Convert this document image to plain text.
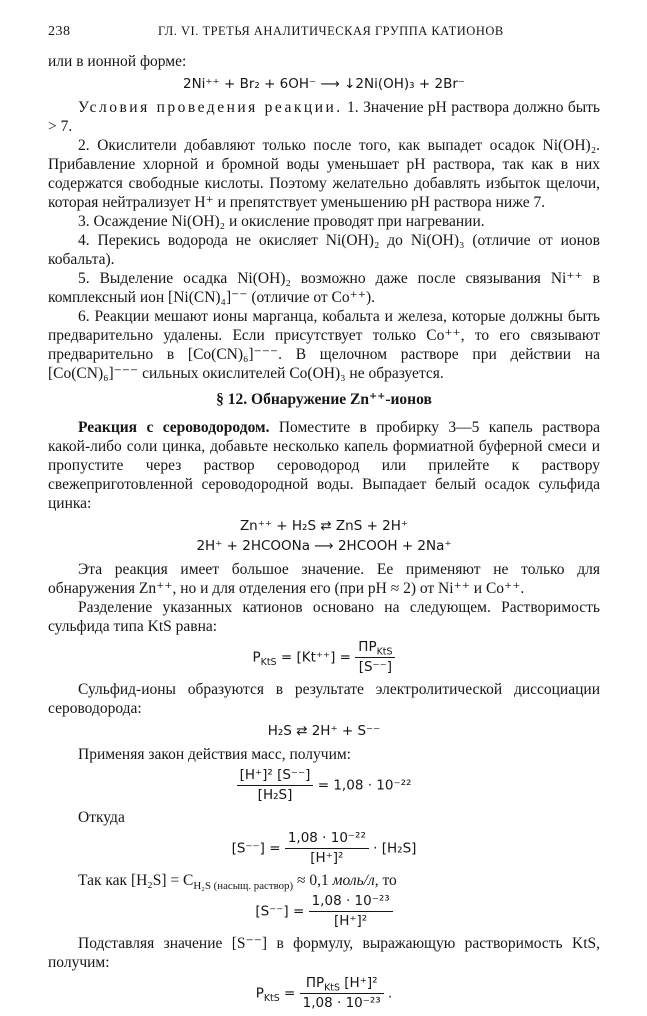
238	ГЛ. VI. ТРЕТЬЯ АНАЛИТИЧЕСКАЯ ГРУППА КАТИОНОВ

или в ионной форме:

2Ni⁺⁺ + Br₂ + 6OH⁻ ⟶ ↓2Ni(OH)₃ + 2Br⁻

Условия проведения реакции. 1. Значение pH раствора должно быть > 7.

2. Окислители добавляют только после того, как выпадет осадок Ni(OH)₂. Прибавление хлорной и бромной воды уменьшает pH раствора, так как в них содержатся свободные кислоты. Поэтому желательно добавлять избыток щелочи, которая нейтрализует H⁺ и препятствует уменьшению pH раствора ниже 7.

3. Осаждение Ni(OH)₂ и окисление проводят при нагревании.

4. Перекись водорода не окисляет Ni(OH)₂ до Ni(OH)₃ (отличие от ионов кобальта).

5. Выделение осадка Ni(OH)₂ возможно даже после связывания Ni⁺⁺ в комплексный ион [Ni(CN)₄]⁻⁻ (отличие от Co⁺⁺).

6. Реакции мешают ионы марганца, кобальта и железа, которые должны быть предварительно удалены. Если присутствует только Co⁺⁺, то его связывают предварительно в [Co(CN)₆]⁻⁻⁻. В щелочном растворе при действии на [Co(CN)₆]⁻⁻⁻ сильных окислителей Co(OH)₃ не образуется.

§ 12. Обнаружение Zn⁺⁺-ионов

Реакция с сероводородом. Поместите в пробирку 3—5 капель раствора какой-либо соли цинка, добавьте несколько капель формиатной буферной смеси и пропустите через раствор сероводород или прилейте к раствору свежеприготовленной сероводородной воды. Выпадает белый осадок сульфида цинка:

Zn⁺⁺ + H₂S ⇄ ZnS + 2H⁺
2H⁺ + 2HCOONa ⟶ 2HCOOH + 2Na⁺

Эта реакция имеет большое значение. Ее применяют не только для обнаружения Zn⁺⁺, но и для отделения его (при pH ≈ 2) от Ni⁺⁺ и Co⁺⁺.

Разделение указанных катионов основано на следующем. Растворимость сульфида типа KtS равна:

$P_{KtS} = [Kt^{++}] = \frac{ПР_{KtS}}{[S^{--}]}$

Сульфид-ионы образуются в результате электролитической диссоциации сероводорода:

H₂S ⇄ 2H⁺ + S⁻⁻

Применяя закон действия масс, получим:

$\frac{\text{[H⁺]² [S⁻⁻]}}{\text{[H₂S]}} = 1,08 \cdot 10^{-22}$

Откуда

$[S^{--}] = \frac{\text{1,08 · 10⁻²²}}{\text{[H⁺]²}} \cdot [H_2S]$

Так как $[H_2S] = C_{H_2S (насыщ. раствор)} \approx 0,1$ моль/л, то

$[S^{--}] = \frac{\text{1,08 · 10⁻²³}}{\text{[H⁺]²}}$

Подставляя значение [S⁻⁻] в формулу, выражающую растворимость KtS, получим:

$P_{KtS} = \frac{ПР_{KtS} [H^+]^2}{\text{1,08 · 10⁻²³}}$ .
